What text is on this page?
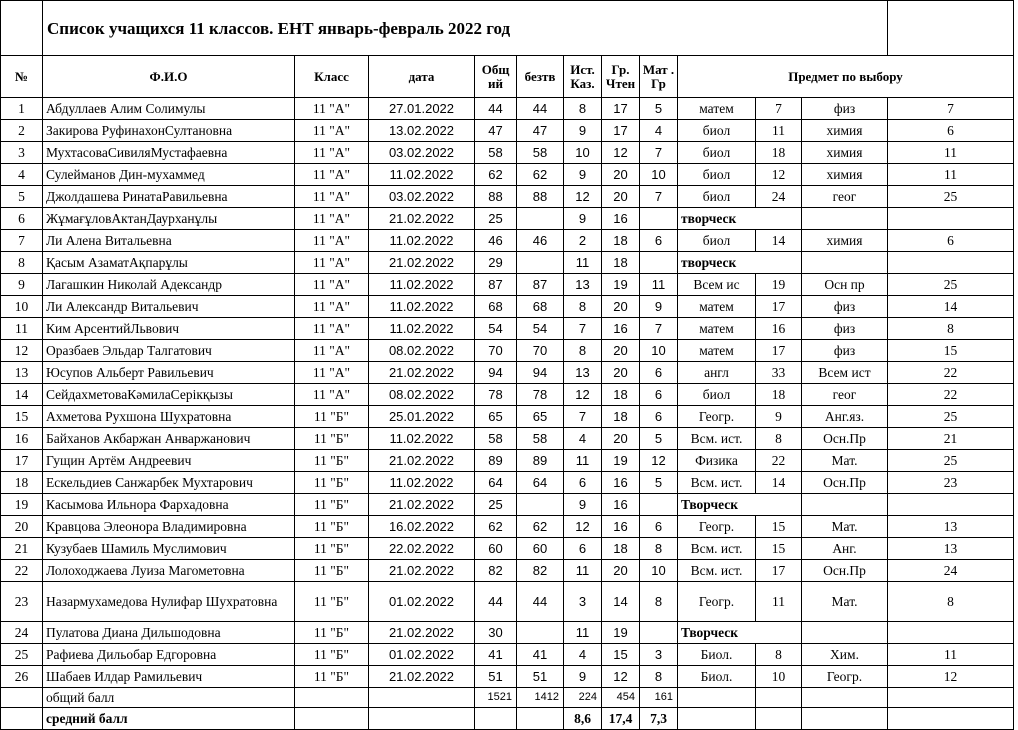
	Список учащихся 11 классов. ЕНТ январь-февраль 2022 год											
№	Ф.И.О	Класс	дата	Общ ий	безтв	Ист. Каз.	Гр. Чтен	Мат . Гр	Предмет по выбору			
1	Абдуллаев Алим Солимулы	11 "А"	27.01.2022	44	44	8	17	5	матем	7	физ	7
2	Закирова РуфинахонСултановна	11 "А"	13.02.2022	47	47	9	17	4	биол	11	химия	6
3	МухтасоваСивиляМустафаевна	11 "А"	03.02.2022	58	58	10	12	7	биол	18	химия	11
4	Сулейманов Дин-мухаммед	11 "А"	11.02.2022	62	62	9	20	10	биол	12	химия	11
5	Джолдашева РинатаРавильевна	11 "А"	03.02.2022	88	88	12	20	7	биол	24	геог	25
6	ЖұмағұловАктанДаурханұлы	11 "А"	21.02.2022	25		9	16		творческ			
7	Ли Алена Витальевна	11 "А"	11.02.2022	46	46	2	18	6	биол	14	химия	6
8	Қасым АзаматАқпарұлы	11 "А"	21.02.2022	29		11	18		творческ			
9	Лагашкин Николай Адександр	11 "А"	11.02.2022	87	87	13	19	11	Всем ис	19	Осн пр	25
10	Ли Александр Витальевич	11 "А"	11.02.2022	68	68	8	20	9	матем	17	физ	14
11	Ким АрсентийЛьвович	11 "А"	11.02.2022	54	54	7	16	7	матем	16	физ	8
12	Оразбаев Эльдар Талгатович	11 "А"	08.02.2022	70	70	8	20	10	матем	17	физ	15
13	Юсупов Альберт Равильевич	11 "А"	21.02.2022	94	94	13	20	6	англ	33	Всем ист	22
14	СейдахметоваКәмилаСерікқызы	11 "А"	08.02.2022	78	78	12	18	6	биол	18	геог	22
15	Ахметова Рухшона Шухратовна	11 "Б"	25.01.2022	65	65	7	18	6	Геогр.	9	Анг.яз.	25
16	Байханов Акбаржан Анваржанович	11 "Б"	11.02.2022	58	58	4	20	5	Всм. ист.	8	Осн.Пр	21
17	Гущин Артём Андреевич	11 "Б"	21.02.2022	89	89	11	19	12	Физика	22	Мат.	25
18	Ескельдиев Санжарбек Мухтарович	11 "Б"	11.02.2022	64	64	6	16	5	Всм. ист.	14	Осн.Пр	23
19	Касымова Ильнора Фархадовна	11 "Б"	21.02.2022	25		9	16		Творческ			
20	Кравцова Элеонора Владимировна	11 "Б"	16.02.2022	62	62	12	16	6	Геогр.	15	Мат.	13
21	Кузубаев Шамиль Муслимович	11 "Б"	22.02.2022	60	60	6	18	8	Всм. ист.	15	Анг.	13
22	Лолоходжаева Луиза Магометовна	11 "Б"	21.02.2022	82	82	11	20	10	Всм. ист.	17	Осн.Пр	24
23	Назармухамедова Нулифар Шухратовна	11 "Б"	01.02.2022	44	44	3	14	8	Геогр.	11	Мат.	8
24	Пулатова Диана Дильшодовна	11 "Б"	21.02.2022	30		11	19		Творческ			
25	Рафиева Дильобар Едгоровна	11 "Б"	01.02.2022	41	41	4	15	3	Биол.	8	Хим.	11
26	Шабаев Илдар Рамильевич	11 "Б"	21.02.2022	51	51	9	12	8	Биол.	10	Геогр.	12
	общий балл			1521	1412	224	454	161				
	средний балл					8,6	17,4	7,3				
